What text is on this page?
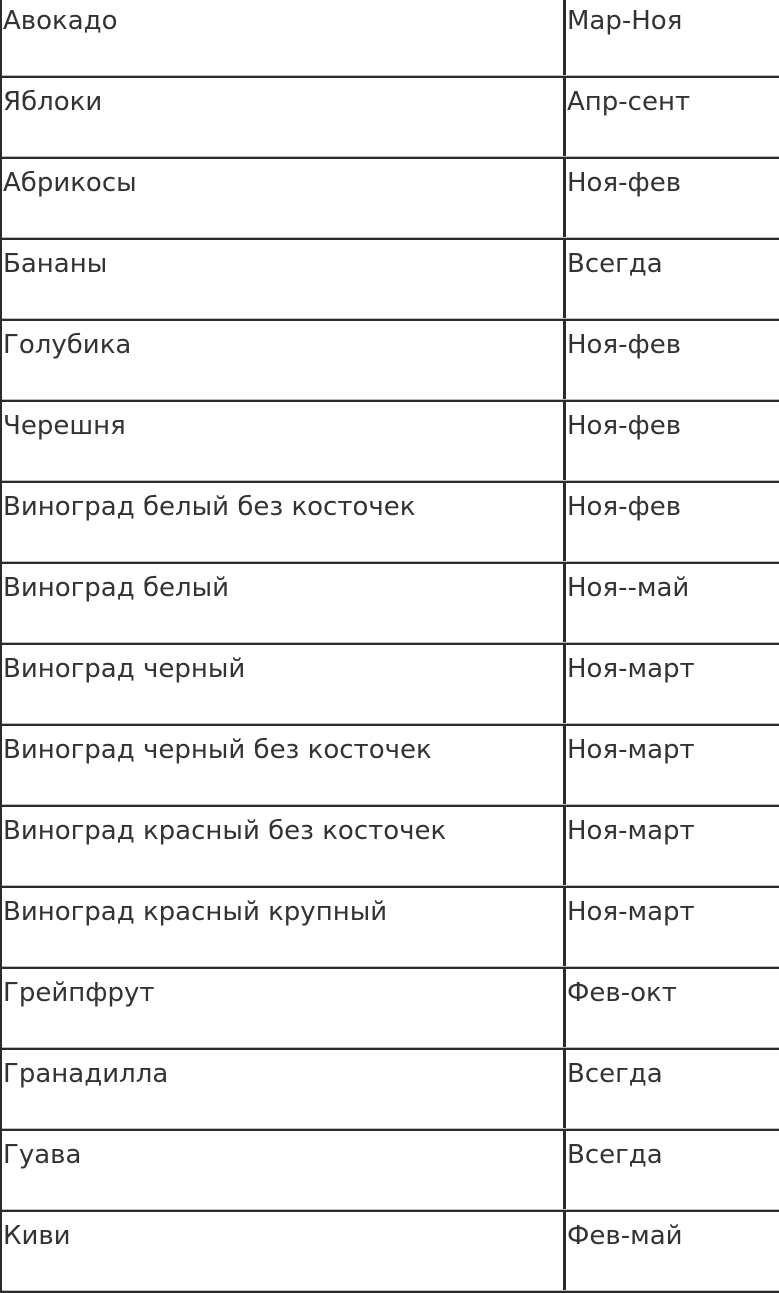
Авокадо	Мар-Ноя
Яблоки	Апр-сент
Абрикосы	Ноя-фев
Бананы	Всегда
Голубика	Ноя-фев
Черешня	Ноя-фев
Виноград белый без косточек	Ноя-фев
Виноград белый	Ноя--май
Виноград черный	Ноя-март
Виноград черный без косточек	Ноя-март
Виноград красный без косточек	Ноя-март
Виноград красный крупный	Ноя-март
Грейпфрут	Фев-окт
Гранадилла	Всегда
Гуава	Всегда
Киви	Фев-май
